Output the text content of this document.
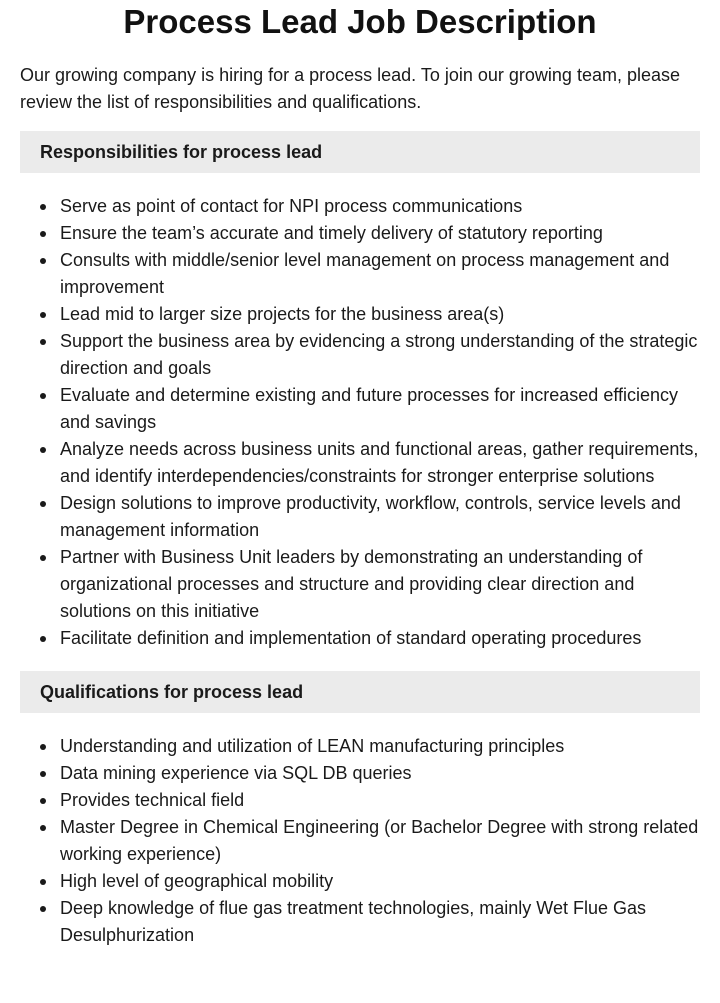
Process Lead Job Description

Our growing company is hiring for a process lead. To join our growing team, please review the list of responsibilities and qualifications.

Responsibilities for process lead
Serve as point of contact for NPI process communications
Ensure the team’s accurate and timely delivery of statutory reporting
Consults with middle/senior level management on process management and improvement
Lead mid to larger size projects for the business area(s)
Support the business area by evidencing a strong understanding of the strategic direction and goals
Evaluate and determine existing and future processes for increased efficiency and savings
Analyze needs across business units and functional areas, gather requirements, and identify interdependencies/constraints for stronger enterprise solutions
Design solutions to improve productivity, workflow, controls, service levels and management information
Partner with Business Unit leaders by demonstrating an understanding of organizational processes and structure and providing clear direction and solutions on this initiative
Facilitate definition and implementation of standard operating procedures
Qualifications for process lead
Understanding and utilization of LEAN manufacturing principles
Data mining experience via SQL DB queries
Provides technical field
Master Degree in Chemical Engineering (or Bachelor Degree with strong related working experience)
High level of geographical mobility
Deep knowledge of flue gas treatment technologies, mainly Wet Flue Gas Desulphurization
